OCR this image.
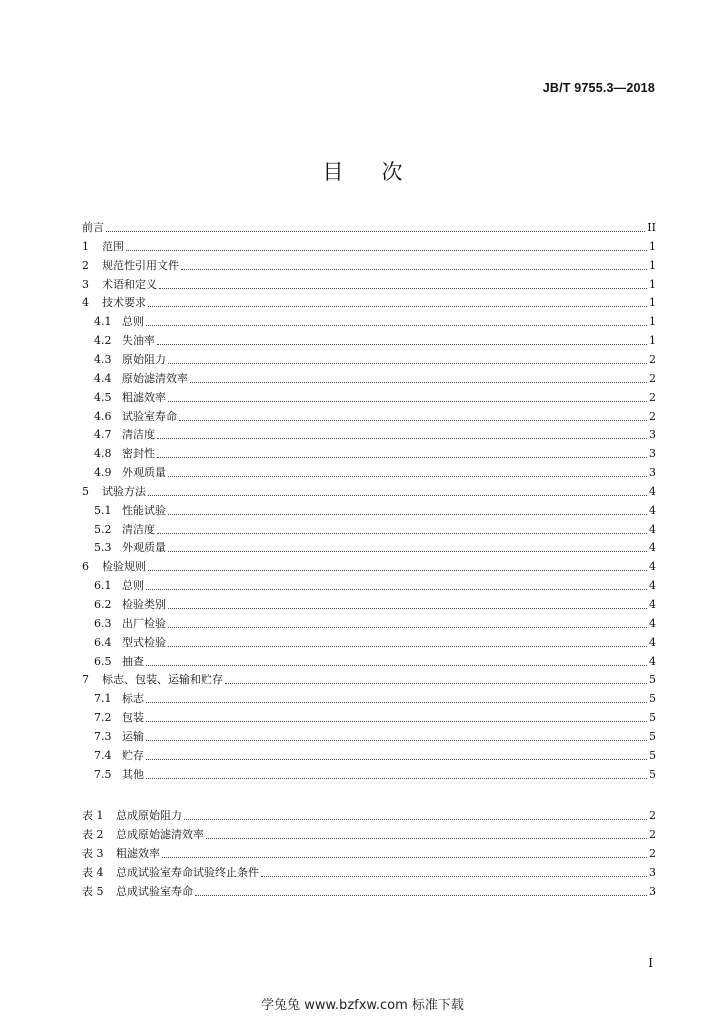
JB/T 9755.3—2018
目 次
前言	II
1	范围	1
2	规范性引用文件	1
3	术语和定义	1
4	技术要求	1
4.1 总则	1
4.2 失油率	1
4.3 原始阻力	2
4.4 原始滤清效率	2
4.5 粗滤效率	2
4.6 试验室寿命	2
4.7 清洁度	3
4.8 密封性	3
4.9 外观质量	3
5	试验方法	4
5.1 性能试验	4
5.2 清洁度	4
5.3 外观质量	4
6	检验规则	4
6.1 总则	4
6.2 检验类别	4
6.3 出厂检验	4
6.4 型式检验	4
6.5 抽查	4
7	标志、包装、运输和贮存	5
7.1 标志	5
7.2 包装	5
7.3 运输	5
7.4 贮存	5
7.5 其他	5
表 1	总成原始阻力	2
表 2	总成原始滤清效率	2
表 3	粗滤效率	2
表 4	总成试验室寿命试验终止条件	3
表 5	总成试验室寿命	3
I
学兔兔 www.bzfxw.com 标准下载
